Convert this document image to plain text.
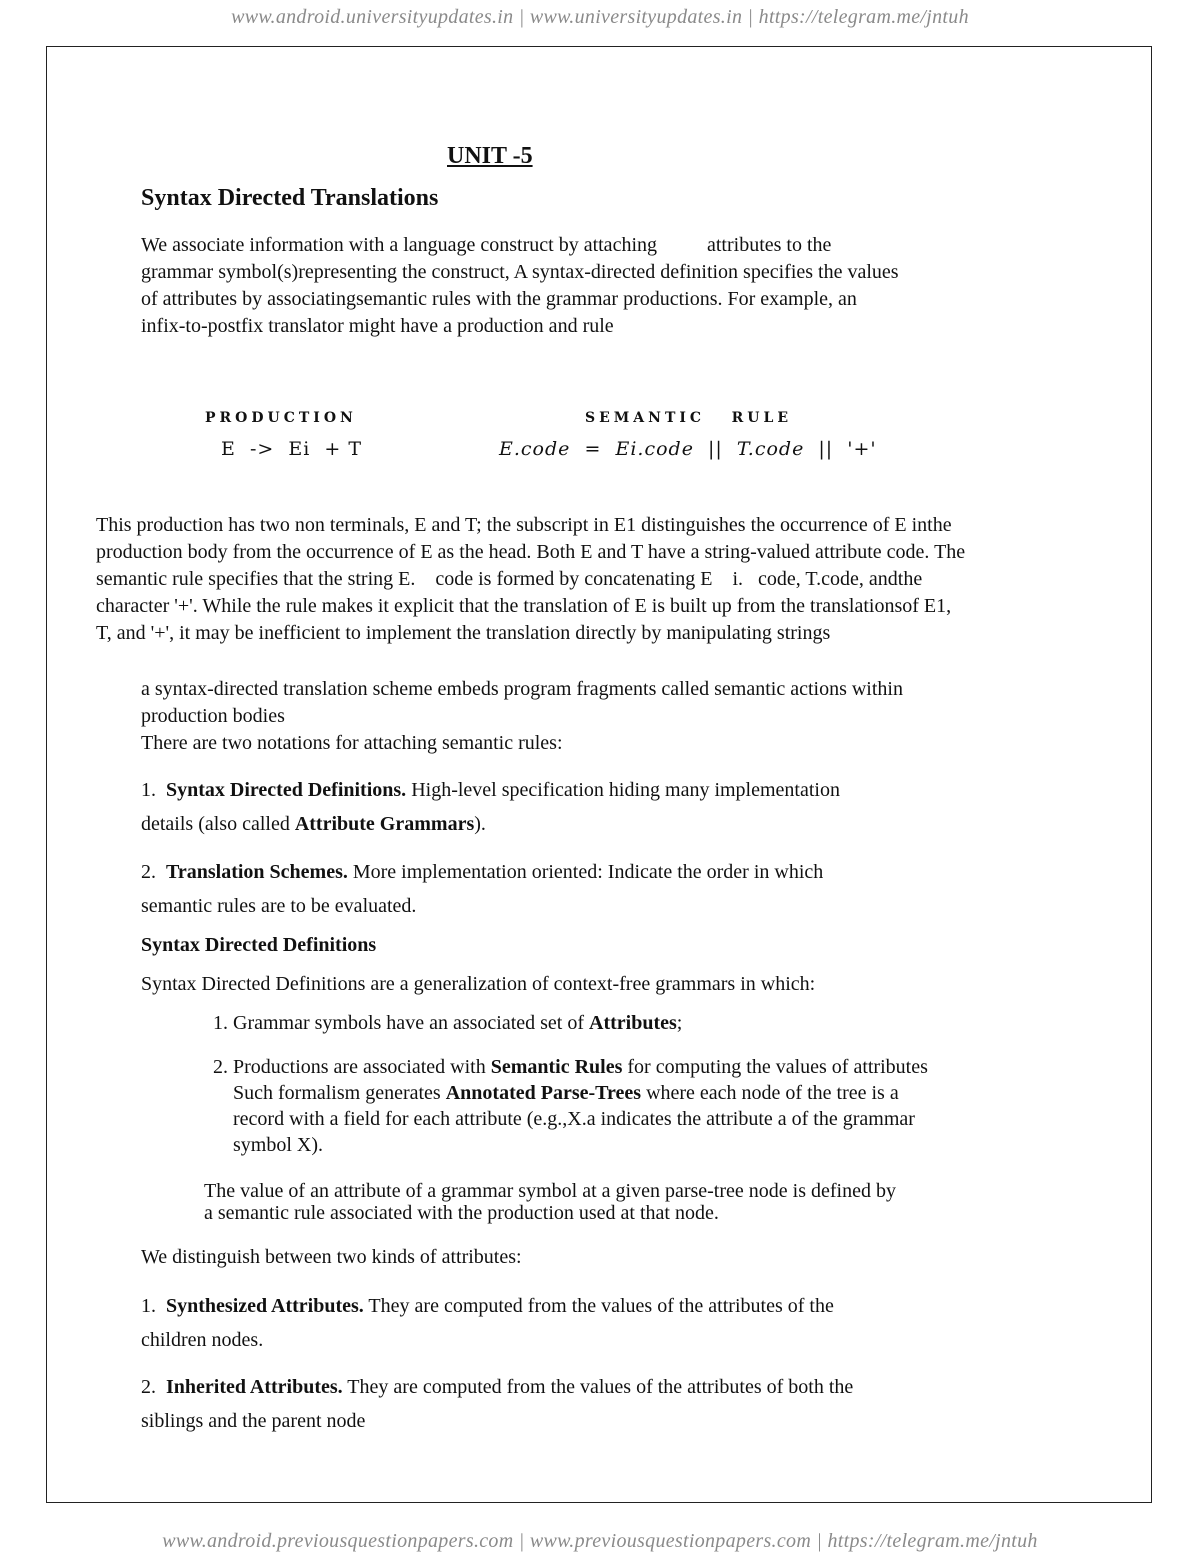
www.android.universityupdates.in | www.universityupdates.in | https://telegram.me/jntuh
UNIT -5
Syntax Directed Translations

We associate information with a language construct by attaching          attributes to the

grammar symbol(s)representing the construct, A syntax-directed definition specifies the values

of attributes by associatingsemantic rules with the grammar productions. For example, an

infix-to-postfix translator might have a production and rule

PRODUCTION	SEMANTIC   RULE
E  ->  Ei  + T	E.code  =  Ei.code  ||  T.code  ||  '+'

This production has two non terminals, E and T; the subscript in E1 distinguishes the occurrence of E inthe

production body from the occurrence of E as the head. Both E and T have a string-valued attribute code. The

semantic rule specifies that the string E.    code is formed by concatenating E    i.   code, T.code, andthe

character '+'. While the rule makes it explicit that the translation of E is built up from the translationsof E1,

T, and '+', it may be inefficient to implement the translation directly by manipulating strings

a syntax-directed translation scheme embeds program fragments called semantic actions within

production bodies

There are two notations for attaching semantic rules:

1. Syntax Directed Definitions. High-level specification hiding many implementation

details (also called Attribute Grammars).

2. Translation Schemes. More implementation oriented: Indicate the order in which

semantic rules are to be evaluated.

Syntax Directed Definitions
Syntax Directed Definitions are a generalization of context-free grammars in which:
1. Grammar symbols have an associated set of Attributes;

2. Productions are associated with Semantic Rules for computing the values of attributes

Such formalism generates Annotated Parse-Trees where each node of the tree is a

record with a field for each attribute (e.g.,X.a indicates the attribute a of the grammar

symbol X).

The value of an attribute of a grammar symbol at a given parse-tree node is defined by

a semantic rule associated with the production used at that node.

We distinguish between two kinds of attributes:

1. Synthesized Attributes. They are computed from the values of the attributes of the

children nodes.

2. Inherited Attributes. They are computed from the values of the attributes of both the

siblings and the parent node

www.android.previousquestionpapers.com | www.previousquestionpapers.com | https://telegram.me/jntuh
